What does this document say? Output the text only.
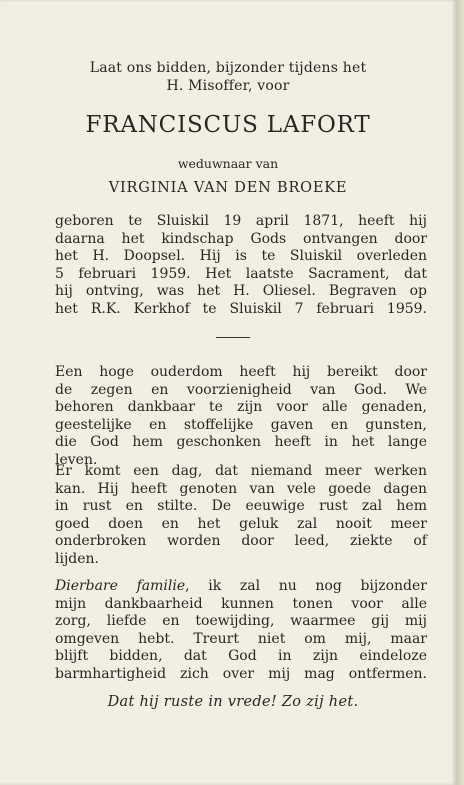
Laat ons bidden, bijzonder tijdens het
H. Misoffer, voor
FRANCISCUS LAFORT
weduwnaar van
VIRGINIA VAN DEN BROEKE
geboren te Sluiskil 19 april 1871, heeft hij
daarna het kindschap Gods ontvangen door
het H. Doopsel. Hij is te Sluiskil overleden
5 februari 1959. Het laatste Sacrament, dat
hij ontving, was het H. Oliesel. Begraven op
het R.K. Kerkhof te Sluiskil 7 februari 1959.
Een hoge ouderdom heeft hij bereikt door
de zegen en voorzienigheid van God. We
behoren dankbaar te zijn voor alle genaden,
geestelijke en stoffelijke gaven en gunsten,
die God hem geschonken heeft in het lange
leven.
Er komt een dag, dat niemand meer werken
kan. Hij heeft genoten van vele goede dagen
in rust en stilte. De eeuwige rust zal hem
goed doen en het geluk zal nooit meer
onderbroken worden door leed, ziekte of
lijden.
Dierbare familie, ik zal nu nog bijzonder
mijn dankbaarheid kunnen tonen voor alle
zorg, liefde en toewijding, waarmee gij mij
omgeven hebt. Treurt niet om mij, maar
blijft bidden, dat God in zijn eindeloze
barmhartigheid zich over mij mag ontfermen.
Dat hij ruste in vrede! Zo zij het.
